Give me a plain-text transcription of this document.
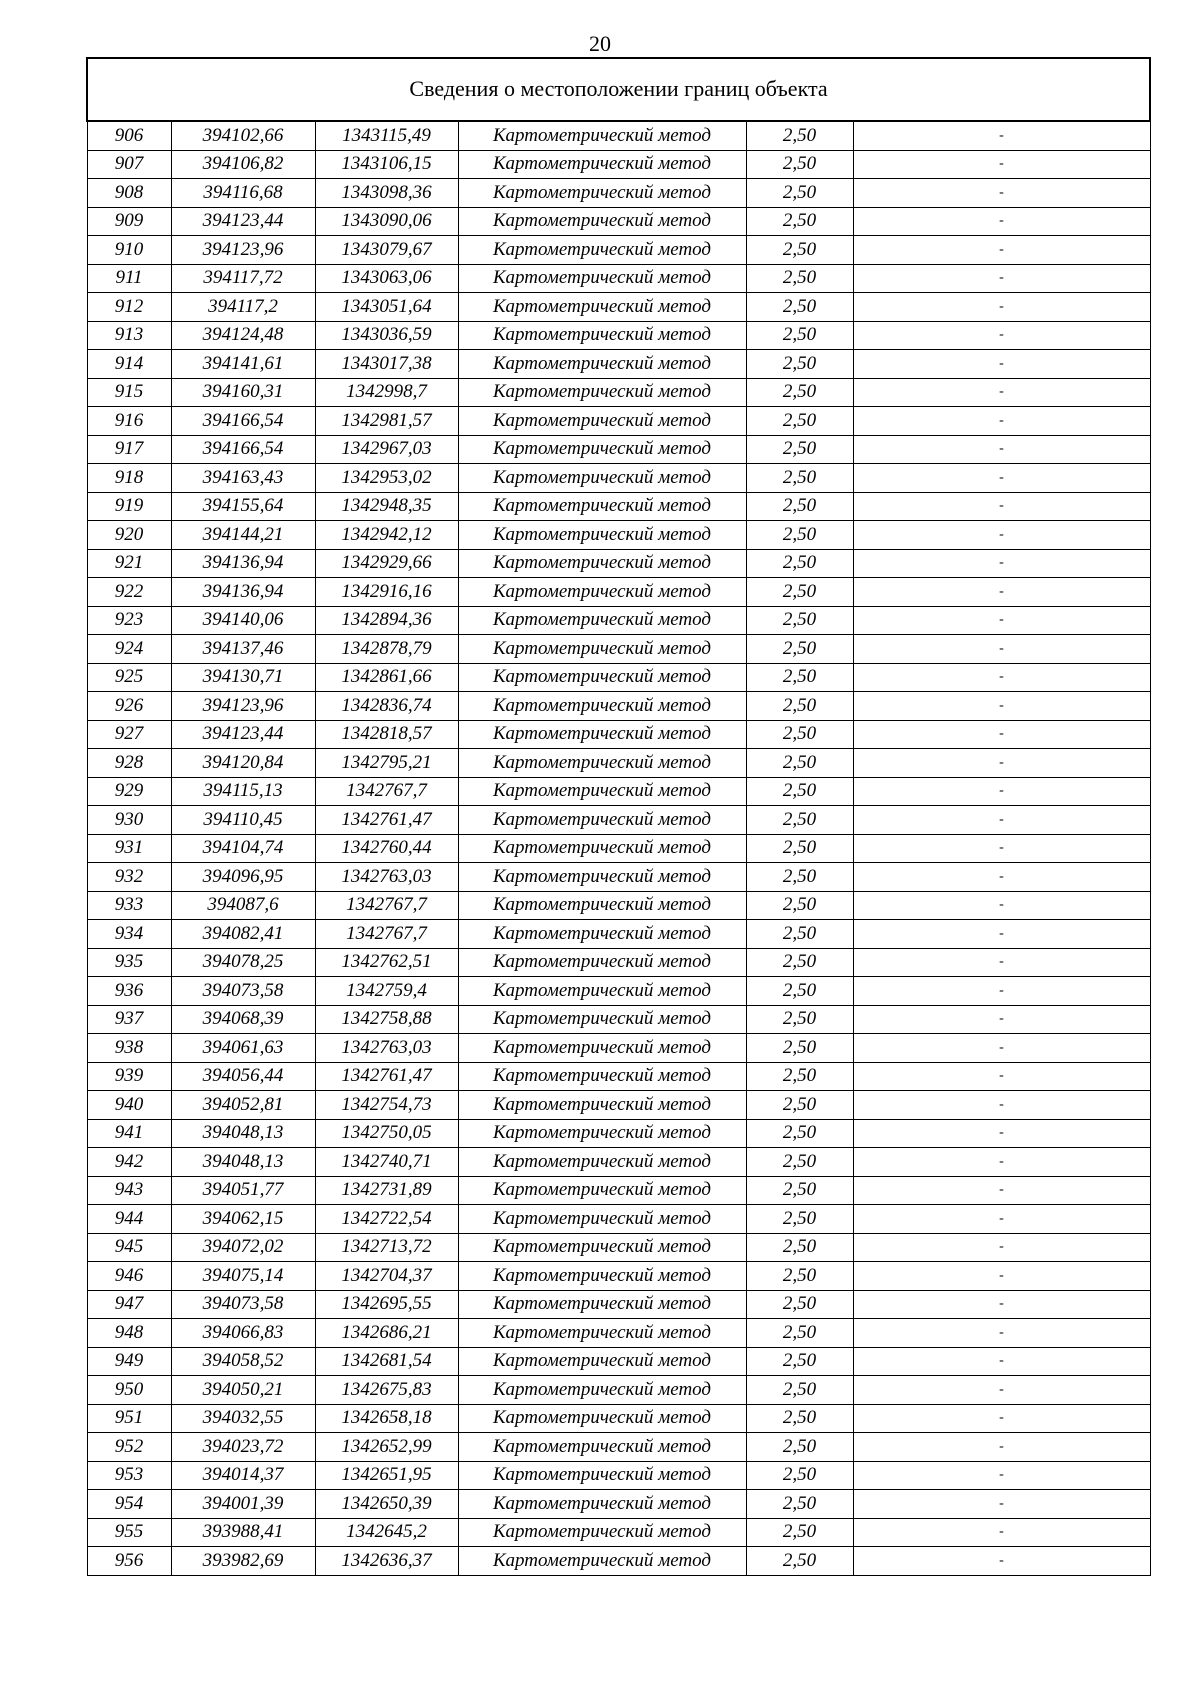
20
Сведения о местоположении границ объекта					
906	394102,66	1343115,49	Картометрический метод	2,50	-
907	394106,82	1343106,15	Картометрический метод	2,50	-
908	394116,68	1343098,36	Картометрический метод	2,50	-
909	394123,44	1343090,06	Картометрический метод	2,50	-
910	394123,96	1343079,67	Картометрический метод	2,50	-
911	394117,72	1343063,06	Картометрический метод	2,50	-
912	394117,2	1343051,64	Картометрический метод	2,50	-
913	394124,48	1343036,59	Картометрический метод	2,50	-
914	394141,61	1343017,38	Картометрический метод	2,50	-
915	394160,31	1342998,7	Картометрический метод	2,50	-
916	394166,54	1342981,57	Картометрический метод	2,50	-
917	394166,54	1342967,03	Картометрический метод	2,50	-
918	394163,43	1342953,02	Картометрический метод	2,50	-
919	394155,64	1342948,35	Картометрический метод	2,50	-
920	394144,21	1342942,12	Картометрический метод	2,50	-
921	394136,94	1342929,66	Картометрический метод	2,50	-
922	394136,94	1342916,16	Картометрический метод	2,50	-
923	394140,06	1342894,36	Картометрический метод	2,50	-
924	394137,46	1342878,79	Картометрический метод	2,50	-
925	394130,71	1342861,66	Картометрический метод	2,50	-
926	394123,96	1342836,74	Картометрический метод	2,50	-
927	394123,44	1342818,57	Картометрический метод	2,50	-
928	394120,84	1342795,21	Картометрический метод	2,50	-
929	394115,13	1342767,7	Картометрический метод	2,50	-
930	394110,45	1342761,47	Картометрический метод	2,50	-
931	394104,74	1342760,44	Картометрический метод	2,50	-
932	394096,95	1342763,03	Картометрический метод	2,50	-
933	394087,6	1342767,7	Картометрический метод	2,50	-
934	394082,41	1342767,7	Картометрический метод	2,50	-
935	394078,25	1342762,51	Картометрический метод	2,50	-
936	394073,58	1342759,4	Картометрический метод	2,50	-
937	394068,39	1342758,88	Картометрический метод	2,50	-
938	394061,63	1342763,03	Картометрический метод	2,50	-
939	394056,44	1342761,47	Картометрический метод	2,50	-
940	394052,81	1342754,73	Картометрический метод	2,50	-
941	394048,13	1342750,05	Картометрический метод	2,50	-
942	394048,13	1342740,71	Картометрический метод	2,50	-
943	394051,77	1342731,89	Картометрический метод	2,50	-
944	394062,15	1342722,54	Картометрический метод	2,50	-
945	394072,02	1342713,72	Картометрический метод	2,50	-
946	394075,14	1342704,37	Картометрический метод	2,50	-
947	394073,58	1342695,55	Картометрический метод	2,50	-
948	394066,83	1342686,21	Картометрический метод	2,50	-
949	394058,52	1342681,54	Картометрический метод	2,50	-
950	394050,21	1342675,83	Картометрический метод	2,50	-
951	394032,55	1342658,18	Картометрический метод	2,50	-
952	394023,72	1342652,99	Картометрический метод	2,50	-
953	394014,37	1342651,95	Картометрический метод	2,50	-
954	394001,39	1342650,39	Картометрический метод	2,50	-
955	393988,41	1342645,2	Картометрический метод	2,50	-
956	393982,69	1342636,37	Картометрический метод	2,50	-
